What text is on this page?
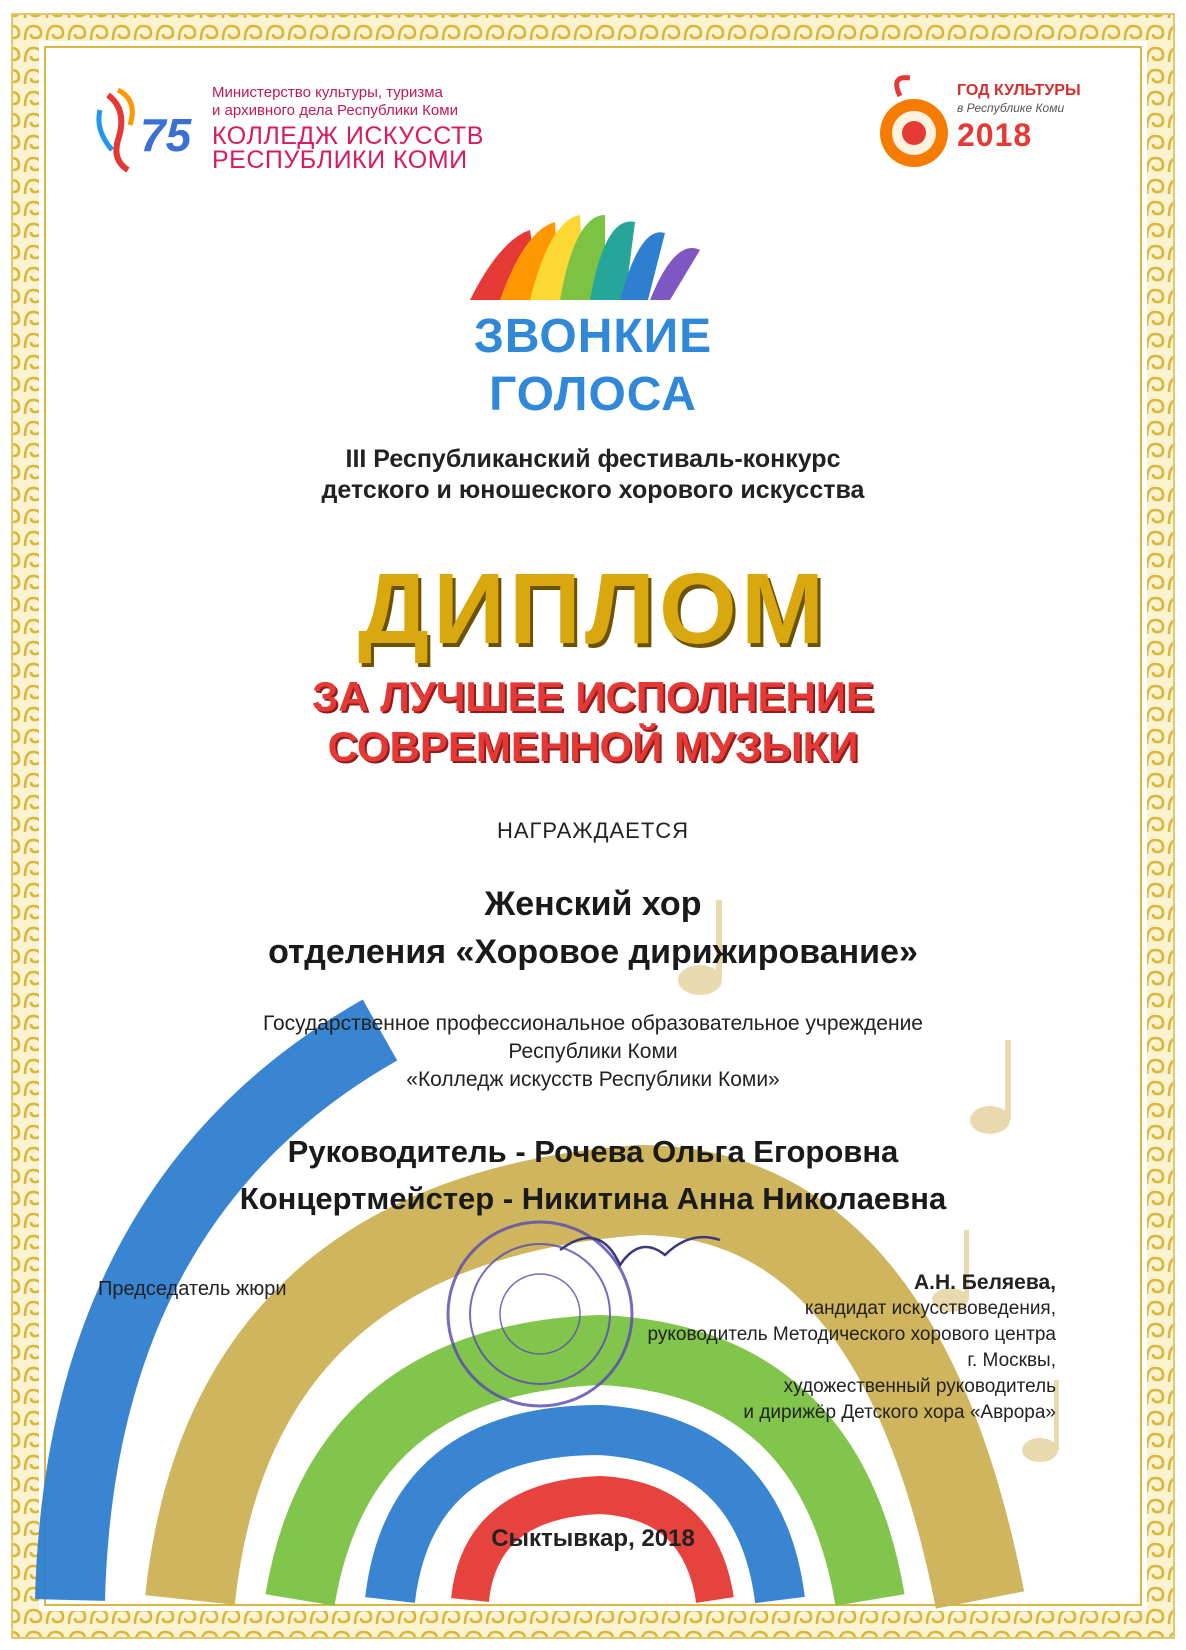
75
Министерство культуры, туризма
и архивного дела Республики Коми
КОЛЛЕДЖ ИСКУССТВ
РЕСПУБЛИКИ КОМИ
ГОД КУЛЬТУРЫ
в Республике Коми
2018
ЗВОНКИЕ
ГОЛОСА
III Республиканский фестиваль-конкурс
детского и юношеского хорового искусства
ДИПЛОМ
ЗА ЛУЧШЕЕ ИСПОЛНЕНИЕ
СОВРЕМЕННОЙ МУЗЫКИ
НАГРАЖДАЕТСЯ
Женский хор
отделения «Хоровое дирижирование»
Государственное профессиональное образовательное учреждение
Республики Коми
«Колледж искусств Республики Коми»
Руководитель - Рочева Ольга Егоровна
Концертмейстер - Никитина Анна Николаевна
Председатель жюри	А.Н. Беляева,
кандидат искусствоведения,
руководитель Методического хорового центра
г. Москвы,
художественный руководитель
и дирижёр Детского хора «Аврора»
Сыктывкар, 2018
